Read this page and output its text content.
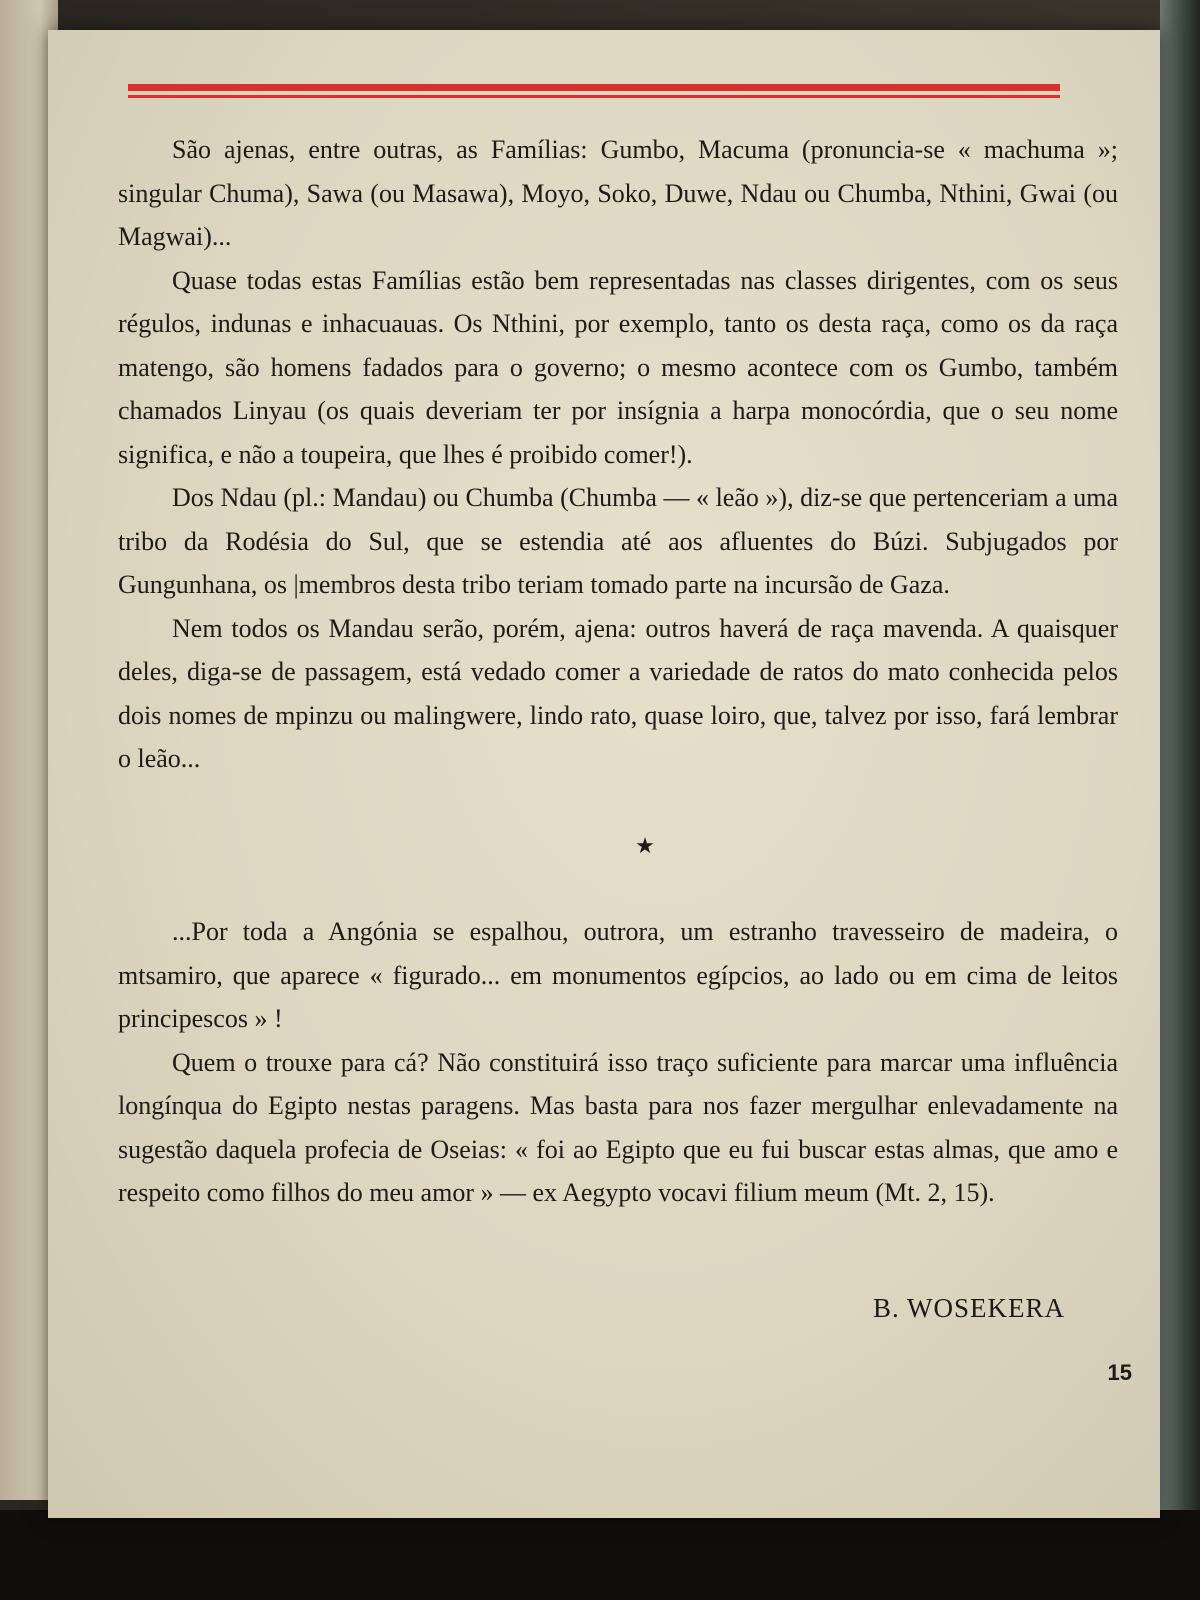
São ajenas, entre outras, as Famílias: Gumbo, Macuma (pronuncia-se « machuma »; singular Chuma), Sawa (ou Masawa), Moyo, Soko, Duwe, Ndau ou Chumba, Nthini, Gwai (ou Magwai)...

Quase todas estas Famílias estão bem representadas nas classes dirigentes, com os seus régulos, indunas e inhacuauas. Os Nthini, por exemplo, tanto os desta raça, como os da raça matengo, são homens fadados para o governo; o mesmo acontece com os Gumbo, também chamados Linyau (os quais deveriam ter por insígnia a harpa monocórdia, que o seu nome significa, e não a toupeira, que lhes é proibido comer!).

Dos Ndau (pl.: Mandau) ou Chumba (Chumba — « leão »), diz-se que pertenceriam a uma tribo da Rodésia do Sul, que se estendia até aos afluentes do Búzi. Subjugados por Gungunhana, os |membros desta tribo teriam tomado parte na incursão de Gaza.

Nem todos os Mandau serão, porém, ajena: outros haverá de raça mavenda. A quaisquer deles, diga-se de passagem, está vedado comer a variedade de ratos do mato conhecida pelos dois nomes de mpinzu ou malingwere, lindo rato, quase loiro, que, talvez por isso, fará lembrar o leão...

★

...Por toda a Angónia se espalhou, outrora, um estranho travesseiro de madeira, o mtsamiro, que aparece « figurado... em monumentos egípcios, ao lado ou em cima de leitos principescos » !

Quem o trouxe para cá? Não constituirá isso traço suficiente para marcar uma influência longínqua do Egipto nestas paragens. Mas basta para nos fazer mergulhar enlevadamente na sugestão daquela profecia de Oseias: « foi ao Egipto que eu fui buscar estas almas, que amo e respeito como filhos do meu amor » — ex Aegypto vocavi filium meum (Mt. 2, 15).

B. WOSEKERA
15
